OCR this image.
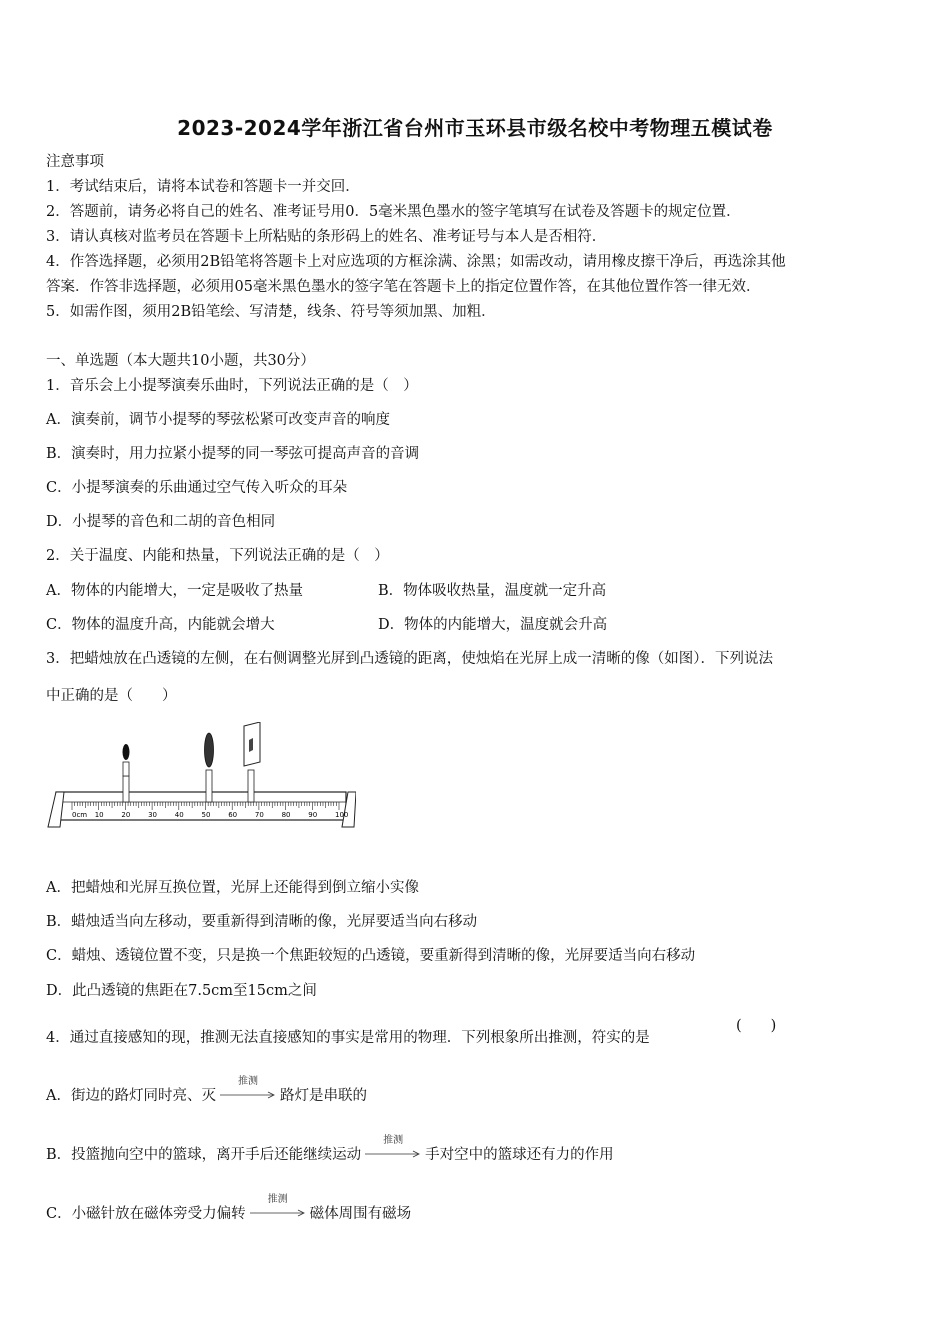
2023-2024学年浙江省台州市玉环县市级名校中考物理五模试卷
注意事项
1．考试结束后，请将本试卷和答题卡一并交回．
2．答题前，请务必将自己的姓名、准考证号用0．5毫米黑色墨水的签字笔填写在试卷及答题卡的规定位置．
3．请认真核对监考员在答题卡上所粘贴的条形码上的姓名、准考证号与本人是否相符．
4．作答选择题，必须用2B铅笔将答题卡上对应选项的方框涂满、涂黑；如需改动，请用橡皮擦干净后，再选涂其他
答案．作答非选择题，必须用05毫米黑色墨水的签字笔在答题卡上的指定位置作答，在其他位置作答一律无效．
5．如需作图，须用2B铅笔绘、写清楚，线条、符号等须加黑、加粗．
一、单选题（本大题共10小题，共30分）
1．音乐会上小提琴演奏乐曲时，下列说法正确的是（　）
A．演奏前，调节小提琴的琴弦松紧可改变声音的响度
B．演奏时，用力拉紧小提琴的同一琴弦可提高声音的音调
C．小提琴演奏的乐曲通过空气传入听众的耳朵
D．小提琴的音色和二胡的音色相同
2．关于温度、内能和热量，下列说法正确的是（　）
A．物体的内能增大，一定是吸收了热量	B．物体吸收热量，温度就一定升高
C．物体的温度升高，内能就会增大	D．物体的内能增大，温度就会升高
3．把蜡烛放在凸透镜的左侧，在右侧调整光屏到凸透镜的距离，使烛焰在光屏上成一清晰的像（如图）．下列说法
中正确的是（　　）
0cm 10	20	30	40	50	60	70	80	90	100
A．把蜡烛和光屏互换位置，光屏上还能得到倒立缩小实像
B．蜡烛适当向左移动，要重新得到清晰的像，光屏要适当向右移动
C．蜡烛、透镜位置不变，只是换一个焦距较短的凸透镜，要重新得到清晰的像，光屏要适当向右移动
D．此凸透镜的焦距在7.5cm至15cm之间
4．通过直接感知的现，推测无法直接感知的事实是常用的物理．下列根象所出推测，符实的是
(　　)
A．街边的路灯同时亮、灭
推测
路灯是串联的
B．投篮抛向空中的篮球，离开手后还能继续运动
推测
手对空中的篮球还有力的作用
C．小磁针放在磁体旁受力偏转
推测
磁体周围有磁场
